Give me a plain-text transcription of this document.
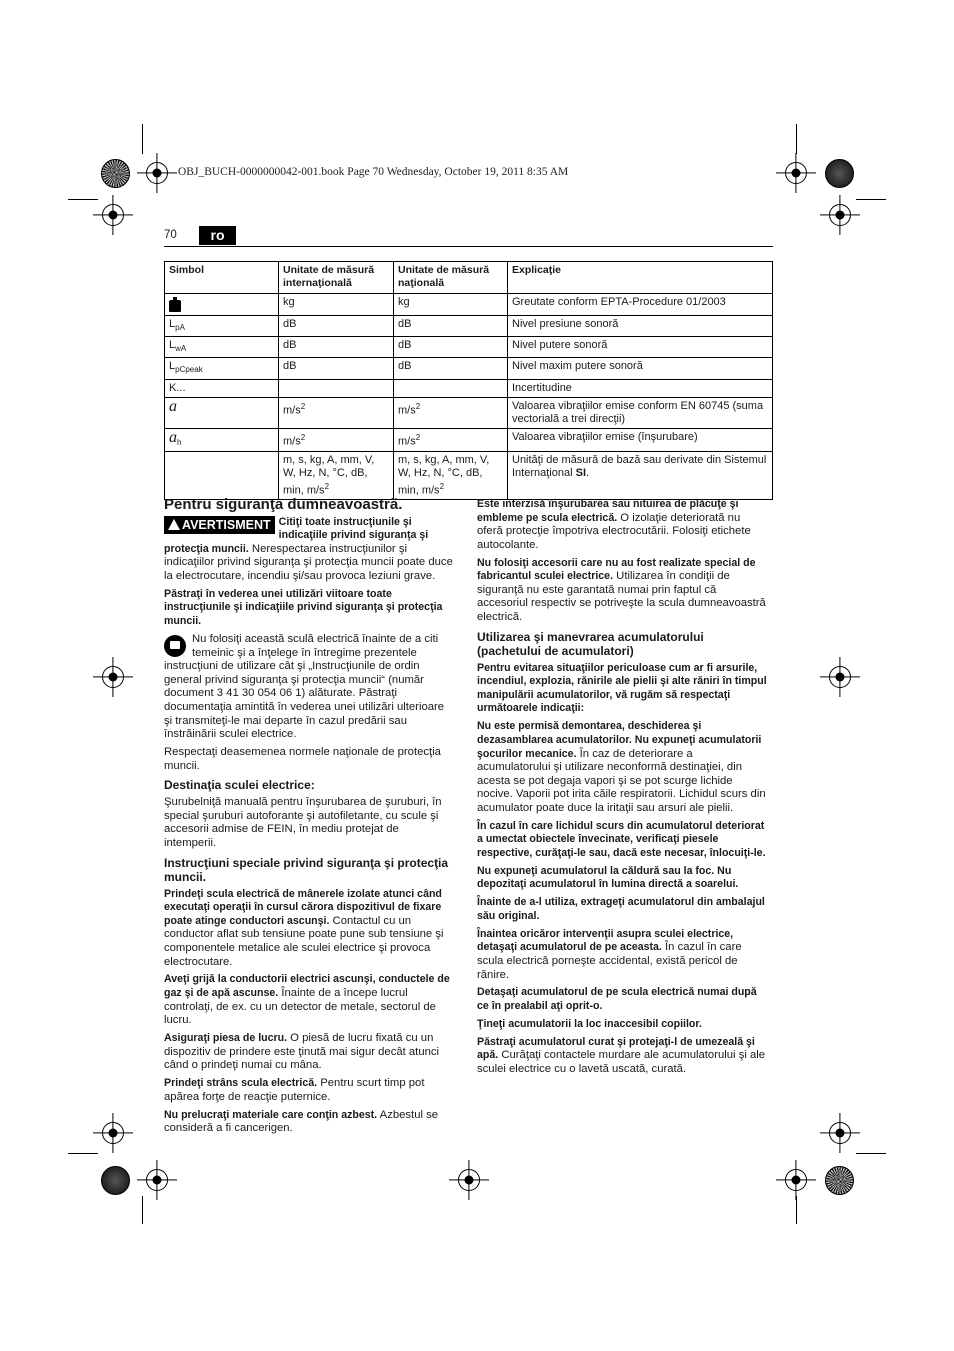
OBJ_BUCH-0000000042-001.book Page 70 Wednesday, October 19, 2011 8:35 AM
70	ro
Simbol	Unitate de măsură internaţională	Unitate de măsură naţională	Explicaţie
	kg	kg	Greutate conform EPTA-Procedure 01/2003
$L_{pA}$	dB	dB	Nivel presiune sonoră
$L_{wA}$	dB	dB	Nivel putere sonoră
$L_{pCpeak}$	dB	dB	Nivel maxim putere sonoră
K...			Incertitudine
a	$m/s^2$	$m/s^2$	Valoarea vibraţiilor emise conform EN 60745 (suma vectorială a trei direcţii)
$a_h$	$m/s^2$	$m/s^2$	Valoarea vibraţiilor emise (înşurubare)
	m, s, kg, A, mm, V, W, Hz, N, °C, dB, min, $m/s^2$	m, s, kg, A, mm, V, W, Hz, N, °C, dB, min, $m/s^2$	Unităţi de măsură de bază sau derivate din Sistemul Internaţional SI.
Pentru siguranţa dumneavoastră.

AVERTISMENT Citiţi toate instrucţiunile şi indicaţiile privind siguranţa şi protecţia muncii. Nerespectarea instrucţiunilor şi indicaţiilor privind siguranţa şi protecţia muncii poate duce la electrocutare, incendiu şi/sau provoca leziuni grave.

Păstraţi în vederea unei utilizări viitoare toate instrucţiunile şi indicaţiile privind siguranţa şi protecţia muncii.

Nu folosiţi această sculă electrică înainte de a citi temeinic şi a înţelege în întregime prezentele instrucţiuni de utilizare cât şi „Instrucţiunile de ordin general privind siguranţa şi protecţia muncii“ (număr document 3 41 30 054 06 1) alăturate. Păstraţi documentaţia amintită în vederea unei utilizări ulterioare şi transmiteţi-le mai departe în cazul predării sau înstrăinării sculei electrice.

Respectaţi deasemenea normele naţionale de protecţia muncii.

Destinaţia sculei electrice:

Şurubelniţă manuală pentru înşurubarea de şuruburi, în special şuruburi autoforante şi autofiletante, cu scule şi accesorii admise de FEIN, în mediu protejat de intemperii.

Instrucţiuni speciale privind siguranţa şi protecţia muncii.

Prindeţi scula electrică de mânerele izolate atunci când executaţi operaţii în cursul cărora dispozitivul de fixare poate atinge conductori ascunşi. Contactul cu un conductor aflat sub tensiune poate pune sub tensiune şi componentele metalice ale sculei electrice şi provoca electrocutare.

Aveţi grijă la conductorii electrici ascunşi, conductele de gaz şi de apă ascunse. Înainte de a începe lucrul controlaţi, de ex. cu un detector de metale, sectorul de lucru.

Asiguraţi piesa de lucru. O piesă de lucru fixată cu un dispozitiv de prindere este ţinută mai sigur decât atunci când o prindeţi numai cu mâna.

Prindeţi strâns scula electrică. Pentru scurt timp pot apărea forţe de reacţie puternice.

Nu prelucraţi materiale care conţin azbest. Azbestul se consideră a fi cancerigen.

Este interzisă înşurubarea sau nituirea de plăcuţe şi embleme pe scula electrică. O izolaţie deteriorată nu oferă protecţie împotriva electrocutării. Folosiţi etichete autocolante.

Nu folosiţi accesorii care nu au fost realizate special de fabricantul sculei electrice. Utilizarea în condiţii de siguranţă nu este garantată numai prin faptul că accesoriul respectiv se potriveşte la scula dumneavoastră electrică.

Utilizarea şi manevrarea acumulatorului (pachetului de acumulatori)

Pentru evitarea situaţiilor periculoase cum ar fi arsurile, incendiul, explozia, rănirile ale pielii şi alte răniri în timpul manipulării acumulatorilor, vă rugăm să respectaţi următoarele indicaţii:

Nu este permisă demontarea, deschiderea şi dezasamblarea acumulatorilor. Nu expuneţi acumulatorii şocurilor mecanice. În caz de deteriorare a acumulatorului şi utilizare neconformă destinaţiei, din acesta se pot degaja vapori şi se pot scurge lichide nocive. Vaporii pot irita căile respiratorii. Lichidul scurs din acumulator poate duce la iritaţii sau arsuri ale pielii.

În cazul în care lichidul scurs din acumulatorul deteriorat a umectat obiectele învecinate, verificaţi piesele respective, curăţaţi-le sau, dacă este necesar, înlocuiţi-le.

Nu expuneţi acumulatorul la căldură sau la foc. Nu depozitaţi acumulatorul în lumina directă a soarelui.

Înainte de a-l utiliza, extrageţi acumulatorul din ambalajul său original.

Înaintea oricăror intervenţii asupra sculei electrice, detaşaţi acumulatorul de pe aceasta. În cazul în care scula electrică porneşte accidental, există pericol de rănire.

Detaşaţi acumulatorul de pe scula electrică numai după ce în prealabil aţi oprit-o.

Ţineţi acumulatorii la loc inaccesibil copiilor.

Păstraţi acumulatorul curat şi protejaţi-l de umezeală şi apă. Curăţaţi contactele murdare ale acumulatorului şi ale sculei electrice cu o lavetă uscată, curată.
